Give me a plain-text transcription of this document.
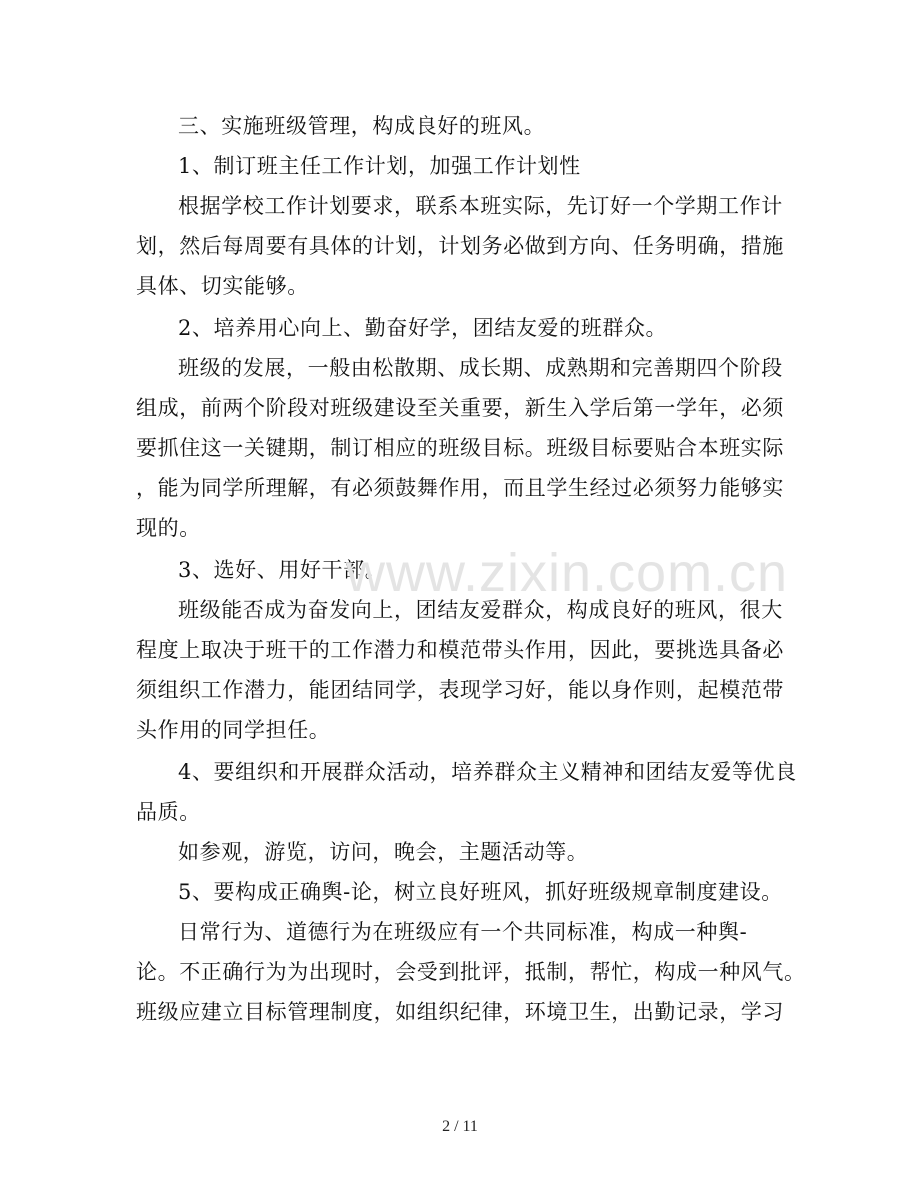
三、实施班级管理，构成良好的班风。
1、制订班主任工作计划，加强工作计划性
根据学校工作计划要求，联系本班实际，先订好一个学期工作计
划，然后每周要有具体的计划，计划务必做到方向、任务明确，措施
具体、切实能够。
2、培养用心向上、勤奋好学，团结友爱的班群众。
班级的发展，一般由松散期、成长期、成熟期和完善期四个阶段
组成，前两个阶段对班级建设至关重要，新生入学后第一学年，必须
要抓住这一关键期，制订相应的班级目标。班级目标要贴合本班实际
，能为同学所理解，有必须鼓舞作用，而且学生经过必须努力能够实
现的。
3、选好、用好干部。
班级能否成为奋发向上，团结友爱群众，构成良好的班风，很大
程度上取决于班干的工作潜力和模范带头作用，因此，要挑选具备必
须组织工作潜力，能团结同学，表现学习好，能以身作则，起模范带
头作用的同学担任。
4、要组织和开展群众活动，培养群众主义精神和团结友爱等优良
品质。
如参观，游览，访问，晚会，主题活动等。
5、要构成正确舆-论，树立良好班风，抓好班级规章制度建设。
日常行为、道德行为在班级应有一个共同标准，构成一种舆-
论。不正确行为为出现时，会受到批评，抵制，帮忙，构成一种风气。
班级应建立目标管理制度，如组织纪律，环境卫生，出勤记录，学习
www.zixin.com.cn
2 / 11
